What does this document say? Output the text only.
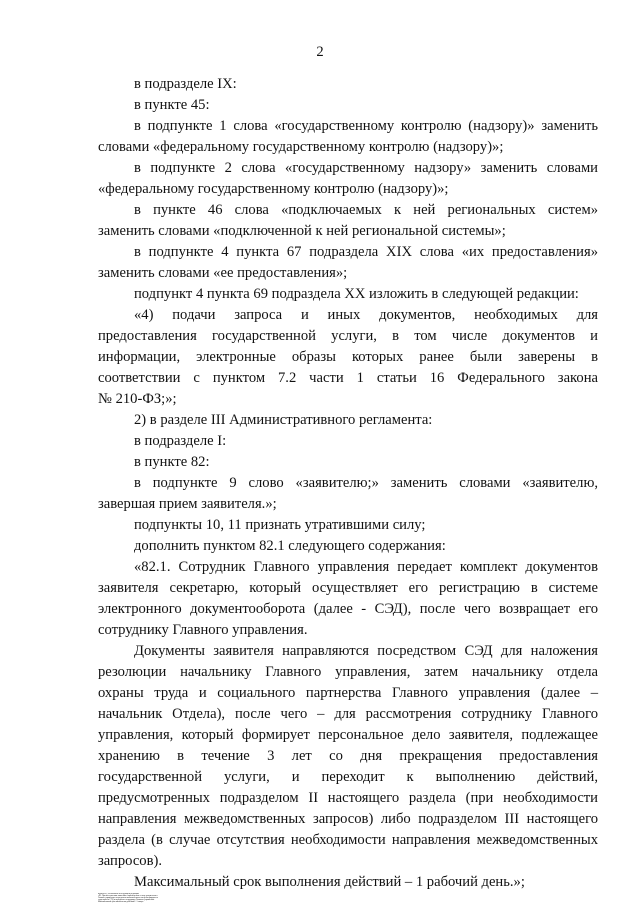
2
в подразделе IX:
в пункте 45:
в подпункте 1 слова «государственному контролю (надзору)» заменить
словами «федеральному государственному контролю (надзору)»;
в подпункте 2 слова «государственному надзору» заменить словами
«федеральному государственному контролю (надзору)»;
в пункте 46 слова «подключаемых к ней региональных систем»
заменить словами «подключенной к ней региональной системы»;
в подпункте 4 пункта 67 подраздела XIX слова «их предоставления»
заменить словами «ее предоставления»;
подпункт 4 пункта 69 подраздела XX изложить в следующей редакции:
«4) подачи запроса и иных документов, необходимых для
предоставления государственной услуги, в том числе документов и
информации, электронные образы которых ранее были заверены в
соответствии с пунктом 7.2 части 1 статьи 16 Федерального закона
№ 210-ФЗ;»;
2) в разделе III Административного регламента:
в подразделе I:
в пункте 82:
в подпункте 9 слово «заявителю;» заменить словами «заявителю,
завершая прием заявителя.»;
подпункты 10, 11 признать утратившими силу;
дополнить пунктом 82.1 следующего содержания:
«82.1. Сотрудник Главного управления передает комплект документов
заявителя секретарю, который осуществляет его регистрацию в системе
электронного документооборота (далее - СЭД), после чего возвращает его
сотруднику Главного управления.
Документы заявителя направляются посредством СЭД для наложения
резолюции начальнику Главного управления, затем начальнику отдела
охраны труда и социального партнерства Главного управления (далее –
начальник Отдела), после чего – для рассмотрения сотруднику Главного
управления, который формирует персональное дело заявителя, подлежащее
хранению в течение 3 лет со дня прекращения предоставления
государственной услуги, и переходит к выполнению действий,
предусмотренных подразделом II настоящего раздела (при необходимости
направления межведомственных запросов) либо подразделом III настоящего
раздела (в случае отсутствия необходимости направления межведомственных
запросов).
Максимальный срок выполнения действий – 1 рабочий день.»;
пункты 83, 84 изложить в следующей редакции:
«83. При поступлении заявления и прилагаемых к нему документов в
Главное управление посредством почтовой связи они регистрируются
секретарем в СЭД и передаются сотруднику Главного управления.
Максимальный срок выполнения действий – 5 минут.
